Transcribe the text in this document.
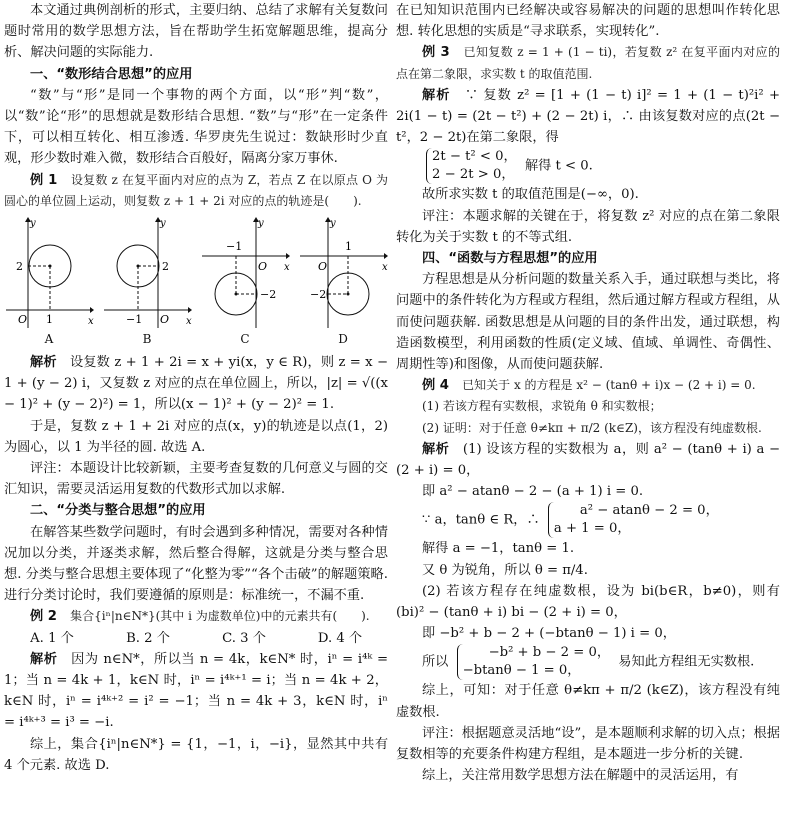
本文通过典例剖析的形式，主要归纳、总结了求解有关复数问题时常用的数学思想方法，旨在帮助学生拓宽解题思维，提高分析、解决问题的实际能力.

一、“数形结合思想”的应用

“数”与“形”是同一个事物的两个方面，以“形”判“数”，以“数”论“形”的思想就是数形结合思想. “数”与“形”在一定条件下，可以相互转化、相互渗透. 华罗庚先生说过：数缺形时少直观，形少数时难入微，数形结合百般好，隔离分家万事休.

例 1　 设复数 z 在复平面内对应的点为 Z，若点 Z 在以原点 O 为圆心的单位圆上运动，则复数 z + 1 + 2i 对应的点的轨迹是(　　).

2
O 1	x
y
A
2
−1 O x
y
B
−1
O
−2
x
y
C
O
1
−2
x
y
D

解析　 设复数 z + 1 + 2i = x + yi(x，y ∈ R)，则 z = x − 1 + (y − 2) i，又复数 z 对应的点在单位圆上，所以，|z| = √((x − 1)² + (y − 2)²) = 1，所以(x − 1)² + (y − 2)² = 1.

于是，复数 z + 1 + 2i 对应的点(x，y)的轨迹是以点(1，2)为圆心，以 1 为半径的圆. 故选 A.

评注：本题设计比较新颖，主要考查复数的几何意义与圆的交汇知识，需要灵活运用复数的代数形式加以求解.

二、“分类与整合思想”的应用

在解答某些数学问题时，有时会遇到多种情况，需要对各种情况加以分类，并逐类求解，然后整合得解，这就是分类与整合思想. 分类与整合思想主要体现了“化整为零”“各个击破”的解题策略. 进行分类讨论时，我们要遵循的原则是：标准统一，不漏不重.

例 2　 集合{iⁿ|n∈N*}(其中 i 为虚数单位)中的元素共有(　　).

A. 1 个	B. 2 个	C. 3 个	D. 4 个

解析　 因为 n∈N*，所以当 n = 4k，k∈N* 时，iⁿ = i⁴ᵏ = 1；当 n = 4k + 1，k∈N 时，iⁿ = i⁴ᵏ⁺¹ = i；当 n = 4k + 2，k∈N 时，iⁿ = i⁴ᵏ⁺² = i² = −1；当 n = 4k + 3，k∈N 时，iⁿ = i⁴ᵏ⁺³ = i³ = −i.

综上，集合{iⁿ|n∈N*} = {1，−1，i，−i}，显然其中共有 4 个元素. 故选 D.

在已知知识范围内已经解决或容易解决的问题的思想叫作转化思想. 转化思想的实质是“寻求联系，实现转化”.

例 3　 已知复数 z = 1 + (1 − ti)，若复数 z² 在复平面内对应的点在第二象限，求实数 t 的取值范围.

解析　 ∵ 复数 z² = [1 + (1 − t) i]² = 1 + (1 − t)²i² + 2i(1 − t) = (2t − t²) + (2 − 2t) i，∴ 由该复数对应的点(2t − t²，2 − 2t)在第二象限，得

2t − t² < 0，
2 − 2t > 0， 解得 t < 0.

故所求实数 t 的取值范围是(−∞，0).

评注：本题求解的关键在于，将复数 z² 对应的点在第二象限转化为关于实数 t 的不等式组.

四、“函数与方程思想”的应用

方程思想是从分析问题的数量关系入手，通过联想与类比，将问题中的条件转化为方程或方程组，然后通过解方程或方程组，从而使问题获解. 函数思想是从问题的目的条件出发，通过联想，构造函数模型，利用函数的性质(定义域、值域、单调性、奇偶性、周期性等)和图像，从而使问题获解.

例 4　 已知关于 x 的方程是 x² − (tanθ + i)x − (2 + i) = 0.

(1) 若该方程有实数根，求锐角 θ 和实数根；

(2) 证明：对于任意 θ≠kπ + π/2 (k∈Z)，该方程没有纯虚数根.

解析　 (1) 设该方程的实数根为 a，则 a² − (tanθ + i) a − (2 + i) = 0，

即 a² − atanθ − 2 − (a + 1) i = 0.

∵ a，tanθ ∈ R，∴ a² − atanθ − 2 = 0，
a + 1 = 0，

解得 a = −1，tanθ = 1.

又 θ 为锐角，所以 θ = π/4.

(2) 若该方程存在纯虚数根，设为 bi(b∈R，b≠0)，则有(bi)² − (tanθ + i) bi − (2 + i) = 0，

即 −b² + b − 2 + (−btanθ − 1) i = 0，

所以 −b² + b − 2 = 0，
−btanθ − 1 = 0， 易知此方程组无实数根.

综上，可知：对于任意 θ≠kπ + π/2 (k∈Z)，该方程没有纯虚数根.

评注：根据题意灵活地“设”，是本题顺利求解的切入点；根据复数相等的充要条件构建方程组，是本题进一步分析的关键.

综上，关注常用数学思想方法在解题中的灵活运用，有
